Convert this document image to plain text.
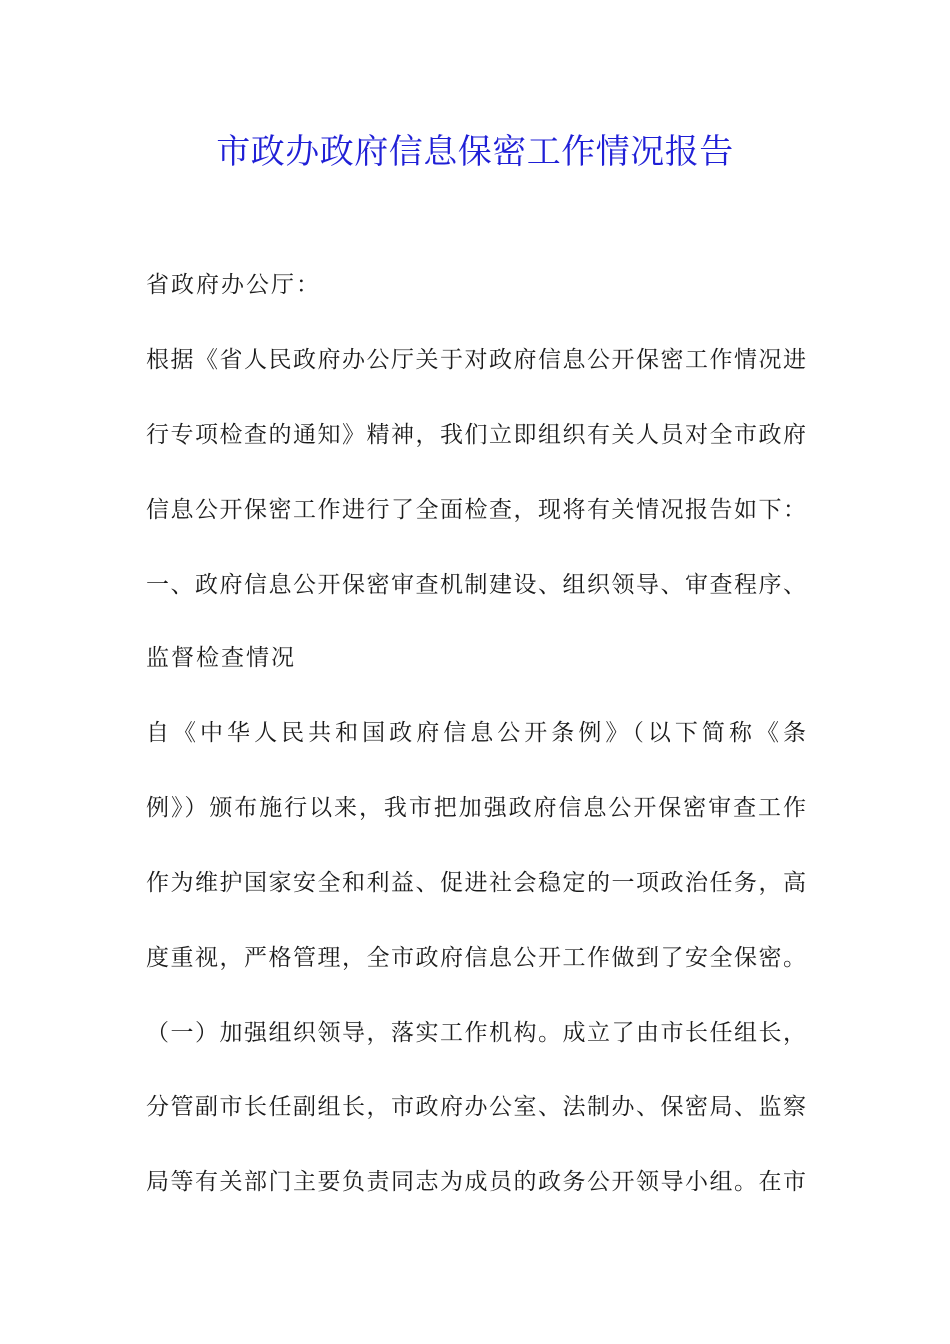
市政办政府信息保密工作情况报告
省政府办公厅：
根据《省人民政府办公厅关于对政府信息公开保密工作情况进
行专项检查的通知》精神，我们立即组织有关人员对全市政府
信息公开保密工作进行了全面检查，现将有关情况报告如下：
一、政府信息公开保密审查机制建设、组织领导、审查程序、
监督检查情况
自《中华人民共和国政府信息公开条例》（以下简称《条
例》）颁布施行以来，我市把加强政府信息公开保密审查工作
作为维护国家安全和利益、促进社会稳定的一项政治任务，高
度重视，严格管理，全市政府信息公开工作做到了安全保密。
（一）加强组织领导，落实工作机构。成立了由市长任组长，
分管副市长任副组长，市政府办公室、法制办、保密局、监察
局等有关部门主要负责同志为成员的政务公开领导小组。在市
